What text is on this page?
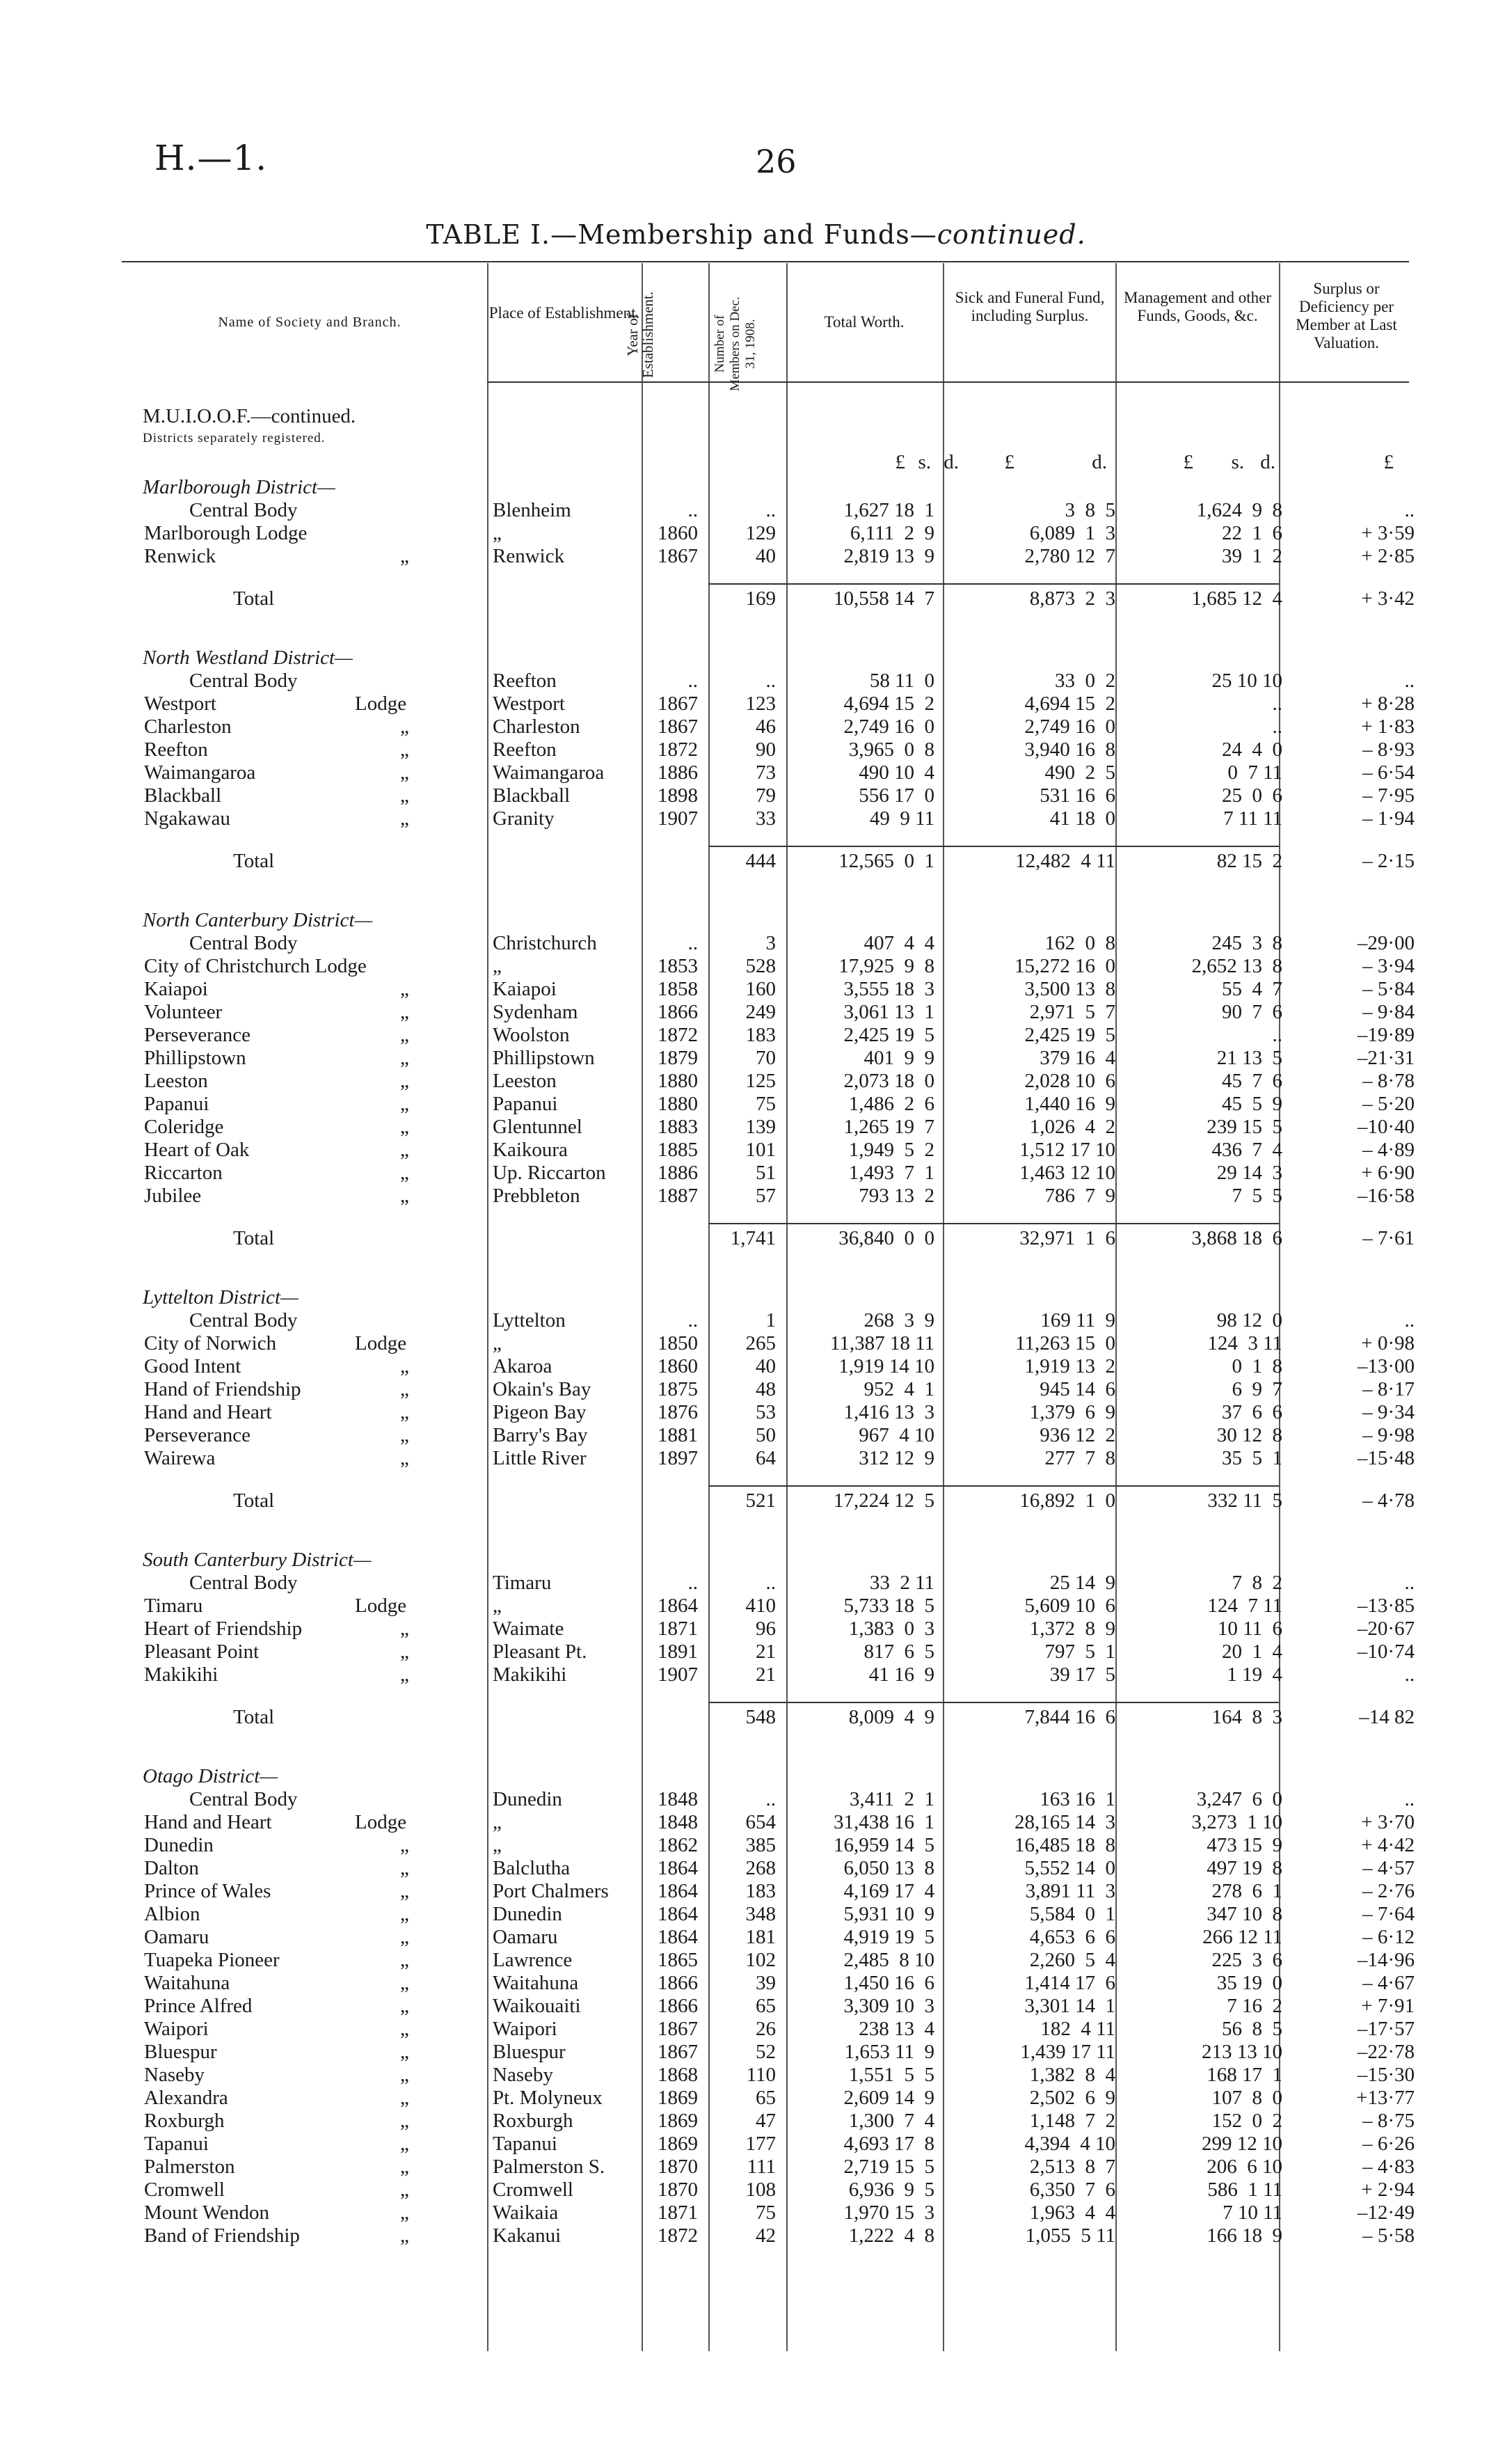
H.—1.	26
TABLE I.—Membership and Funds—continued.
Name of Society and Branch.
Place of Establishment.
Year of Establishment.	Number of Members on Dec. 31, 1908.	Total Worth.
Sick and Funeral Fund, including Surplus.
Management and other Funds, Goods, &c.
Surplus or Deficiency per Member at Last Valuation.
M.U.I.O.O.F.—continued.
Districts separately registered.
£ s. d. £	d.	£ s. d.	£
Marlborough District—
Central Body	Blenheim	..	..	1,627 18  1	3  8  5	1,624  9  8	..
Marlborough Lodge	„	1860 129	6,111  2  9	6,089  1  3	22  1  6	+ 3·59
Renwick	„	Renwick	1867	40	2,819 13  9	2,780 12  7	39  1  2	+ 2·85
Total	169	10,558 14  7	8,873  2  3	1,685 12  4	+ 3·42
North Westland District—
Central Body	Reefton	..	..	58 11  0	33  0  2	25 10 10	..
Westport	Lodge	Westport	1867 123	4,694 15  2	4,694 15  2	..	+ 8·28
Charleston	„	Charleston	1867	46	2,749 16  0	2,749 16  0	..	+ 1·83
Reefton	„	Reefton	1872	90	3,965  0  8	3,940 16  8	24  4  0	– 8·93
Waimangaroa	„	Waimangaroa	1886	73	490 10  4	490  2  5	0  7 11	– 6·54
Blackball	„	Blackball	1898	79	556 17  0	531 16  6	25  0  6	– 7·95
Ngakawau	„	Granity	1907	33	49  9 11	41 18  0	7 11 11	– 1·94
Total	444	12,565  0  1	12,482  4 11	82 15  2	– 2·15
North Canterbury District—
Central Body	Christchurch	..	3	407  4  4	162  0  8	245  3  8	–29·00
City of Christchurch Lodge	„	1853 528	17,925  9  8	15,272 16  0	2,652 13  8	– 3·94
Kaiapoi	„	Kaiapoi	1858 160	3,555 18  3	3,500 13  8	55  4  7	– 5·84
Volunteer	„	Sydenham	1866 249	3,061 13  1	2,971  5  7	90  7  6	– 9·84
Perseverance	„	Woolston	1872 183	2,425 19  5	2,425 19  5	..	–19·89
Phillipstown	„	Phillipstown	1879	70	401  9  9	379 16  4	21 13  5	–21·31
Leeston	„	Leeston	1880 125	2,073 18  0	2,028 10  6	45  7  6	– 8·78
Papanui	„	Papanui	1880	75	1,486  2  6	1,440 16  9	45  5  9	– 5·20
Coleridge	„	Glentunnel	1883 139	1,265 19  7	1,026  4  2	239 15  5	–10·40
Heart of Oak	„	Kaikoura	1885 101	1,949  5  2	1,512 17 10	436  7  4	– 4·89
Riccarton	„	Up. Riccarton	1886	51	1,493  7  1	1,463 12 10	29 14  3	+ 6·90
Jubilee	„	Prebbleton	1887	57	793 13  2	786  7  9	7  5  5	–16·58
Total	1,741	36,840  0  0	32,971  1  6	3,868 18  6	– 7·61
Lyttelton District—
Central Body	Lyttelton	..	1	268  3  9	169 11  9	98 12  0	..
City of Norwich	Lodge	„	1850 265	11,387 18 11	11,263 15  0	124  3 11	+ 0·98
Good Intent	„	Akaroa	1860	40	1,919 14 10	1,919 13  2	0  1  8	–13·00
Hand of Friendship	„	Okain's Bay	1875	48	952  4  1	945 14  6	6  9  7	– 8·17
Hand and Heart	„	Pigeon Bay	1876	53	1,416 13  3	1,379  6  9	37  6  6	– 9·34
Perseverance	„	Barry's Bay	1881	50	967  4 10	936 12  2	30 12  8	– 9·98
Wairewa	„	Little River	1897	64	312 12  9	277  7  8	35  5  1	–15·48
Total	521	17,224 12  5	16,892  1  0	332 11  5	– 4·78
South Canterbury District—
Central Body	Timaru	..	..	33  2 11	25 14  9	7  8  2	..
Timaru	Lodge	„	1864 410	5,733 18  5	5,609 10  6	124  7 11	–13·85
Heart of Friendship	„	Waimate	1871	96	1,383  0  3	1,372  8  9	10 11  6	–20·67
Pleasant Point	„	Pleasant Pt.	1891	21	817  6  5	797  5  1	20  1  4	–10·74
Makikihi	„	Makikihi	1907	21	41 16  9	39 17  5	1 19  4	..
Total	548	8,009  4  9	7,844 16  6	164  8  3	–14 82
Otago District—
Central Body	Dunedin	1848	..	3,411  2  1	163 16  1	3,247  6  0	..
Hand and Heart	Lodge	„	1848 654	31,438 16  1	28,165 14  3	3,273  1 10	+ 3·70
Dunedin	„	„	1862 385	16,959 14  5	16,485 18  8	473 15  9	+ 4·42
Dalton	„	Balclutha	1864 268	6,050 13  8	5,552 14  0	497 19  8	– 4·57
Prince of Wales	„	Port Chalmers 1864 183	4,169 17  4	3,891 11  3	278  6  1	– 2·76
Albion	„	Dunedin	1864 348	5,931 10  9	5,584  0  1	347 10  8	– 7·64
Oamaru	„	Oamaru	1864 181	4,919 19  5	4,653  6  6	266 12 11	– 6·12
Tuapeka Pioneer	„	Lawrence	1865 102	2,485  8 10	2,260  5  4	225  3  6	–14·96
Waitahuna	„	Waitahuna	1866	39	1,450 16  6	1,414 17  6	35 19  0	– 4·67
Prince Alfred	„	Waikouaiti	1866	65	3,309 10  3	3,301 14  1	7 16  2	+ 7·91
Waipori	„	Waipori	1867	26	238 13  4	182  4 11	56  8  5	–17·57
Bluespur	„	Bluespur	1867	52	1,653 11  9	1,439 17 11	213 13 10	–22·78
Naseby	„	Naseby	1868 110	1,551  5  5	1,382  8  4	168 17  1	–15·30
Alexandra	„	Pt. Molyneux	1869	65	2,609 14  9	2,502  6  9	107  8  0	+13·77
Roxburgh	„	Roxburgh	1869	47	1,300  7  4	1,148  7  2	152  0  2	– 8·75
Tapanui	„	Tapanui	1869 177	4,693 17  8	4,394  4 10	299 12 10	– 6·26
Palmerston	„	Palmerston S.	1870 111	2,719 15  5	2,513  8  7	206  6 10	– 4·83
Cromwell	„	Cromwell	1870 108	6,936  9  5	6,350  7  6	586  1 11	+ 2·94
Mount Wendon	„	Waikaia	1871	75	1,970 15  3	1,963  4  4	7 10 11	–12·49
Band of Friendship	„	Kakanui	1872	42	1,222  4  8	1,055  5 11	166 18  9	– 5·58
